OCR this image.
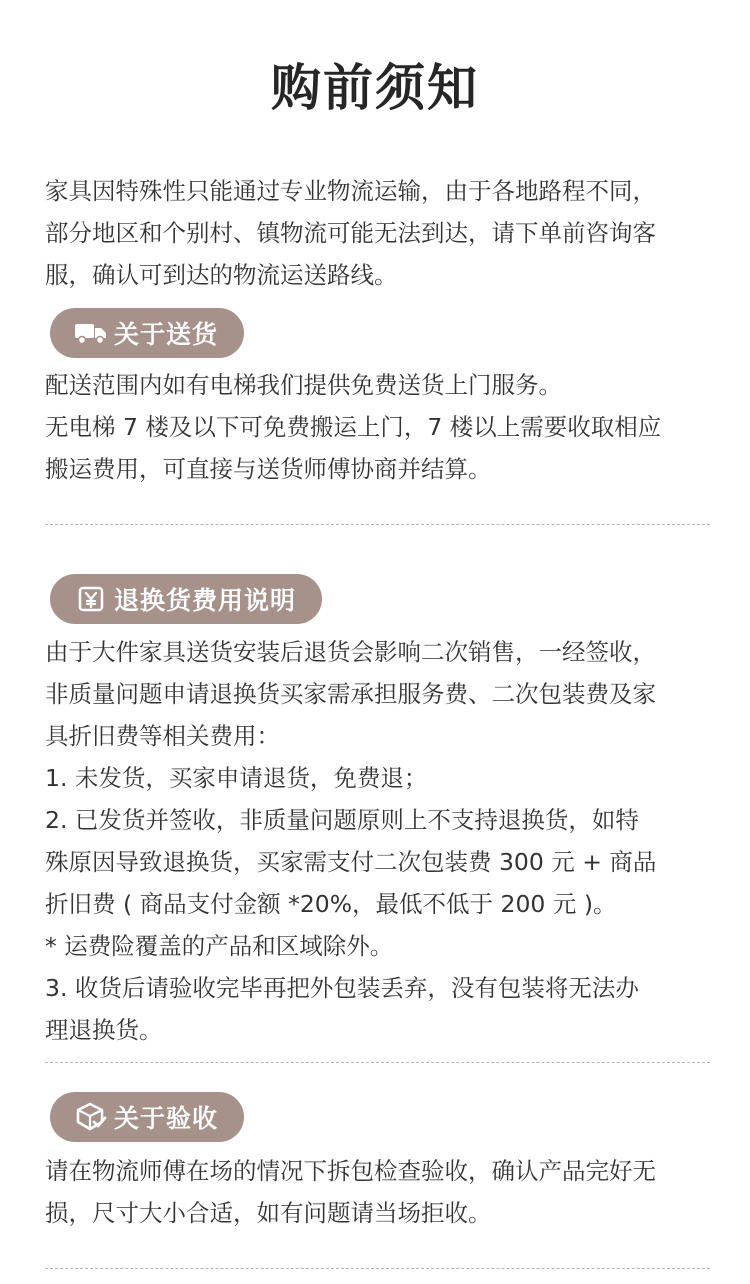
购前须知

家具因特殊性只能通过专业物流运输，由于各地路程不同，

部分地区和个别村、镇物流可能无法到达，请下单前咨询客

服，确认可到达的物流运送路线。

关于送货

配送范围内如有电梯我们提供免费送货上门服务。

无电梯 7 楼及以下可免费搬运上门，7 楼以上需要收取相应

搬运费用，可直接与送货师傅协商并结算。

退换货费用说明

由于大件家具送货安装后退货会影响二次销售，一经签收，

非质量问题申请退换货买家需承担服务费、二次包装费及家

具折旧费等相关费用：

1. 未发货，买家申请退货，免费退；

2. 已发货并签收，非质量问题原则上不支持退换货，如特

殊原因导致退换货，买家需支付二次包装费 300 元 + 商品

折旧费 ( 商品支付金额 *20%，最低不低于 200 元 )。

* 运费险覆盖的产品和区域除外。

3. 收货后请验收完毕再把外包装丢弃，没有包装将无法办

理退换货。

关于验收

请在物流师傅在场的情况下拆包检查验收，确认产品完好无

损，尺寸大小合适，如有问题请当场拒收。
